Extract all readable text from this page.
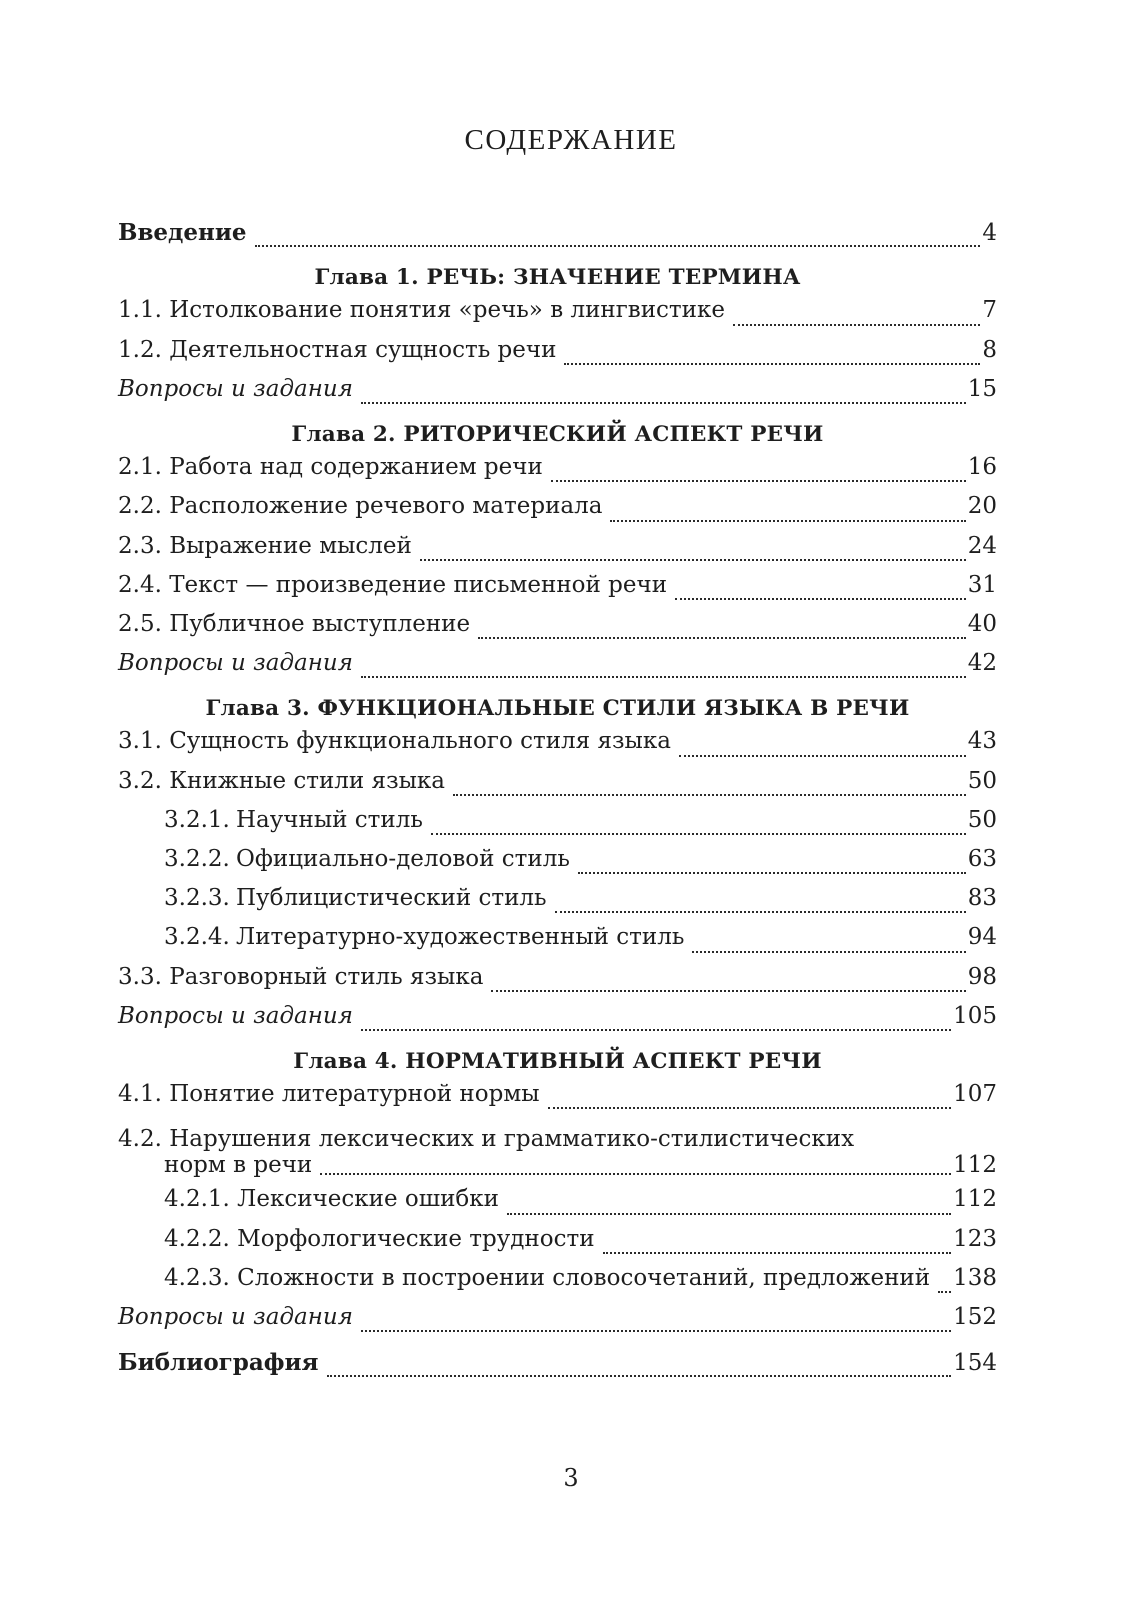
СОДЕРЖАНИЕ
Введение	4
Глава 1. РЕЧЬ: ЗНАЧЕНИЕ ТЕРМИНА
1.1. Истолкование понятия «речь» в лингвистике	7
1.2. Деятельностная сущность речи	8
Вопросы и задания	15
Глава 2. РИТОРИЧЕСКИЙ АСПЕКТ РЕЧИ
2.1. Работа над содержанием речи	16
2.2. Расположение речевого материала	20
2.3. Выражение мыслей	24
2.4. Текст — произведение письменной речи	31
2.5. Публичное выступление	40
Вопросы и задания	42
Глава 3. ФУНКЦИОНАЛЬНЫЕ СТИЛИ ЯЗЫКА В РЕЧИ
3.1. Сущность функционального стиля языка	43
3.2. Книжные стили языка	50
3.2.1. Научный стиль	50
3.2.2. Официально-деловой стиль	63
3.2.3. Публицистический стиль	83
3.2.4. Литературно-художественный стиль	94
3.3. Разговорный стиль языка	98
Вопросы и задания	105
Глава 4. НОРМАТИВНЫЙ АСПЕКТ РЕЧИ
4.1. Понятие литературной нормы	107
4.2. Нарушения лексических и грамматико-стилистических
норм в речи	112
4.2.1. Лексические ошибки	112
4.2.2. Морфологические трудности	123
4.2.3. Сложности в построении словосочетаний, предложений	138
Вопросы и задания	152
Библиография	154
3
